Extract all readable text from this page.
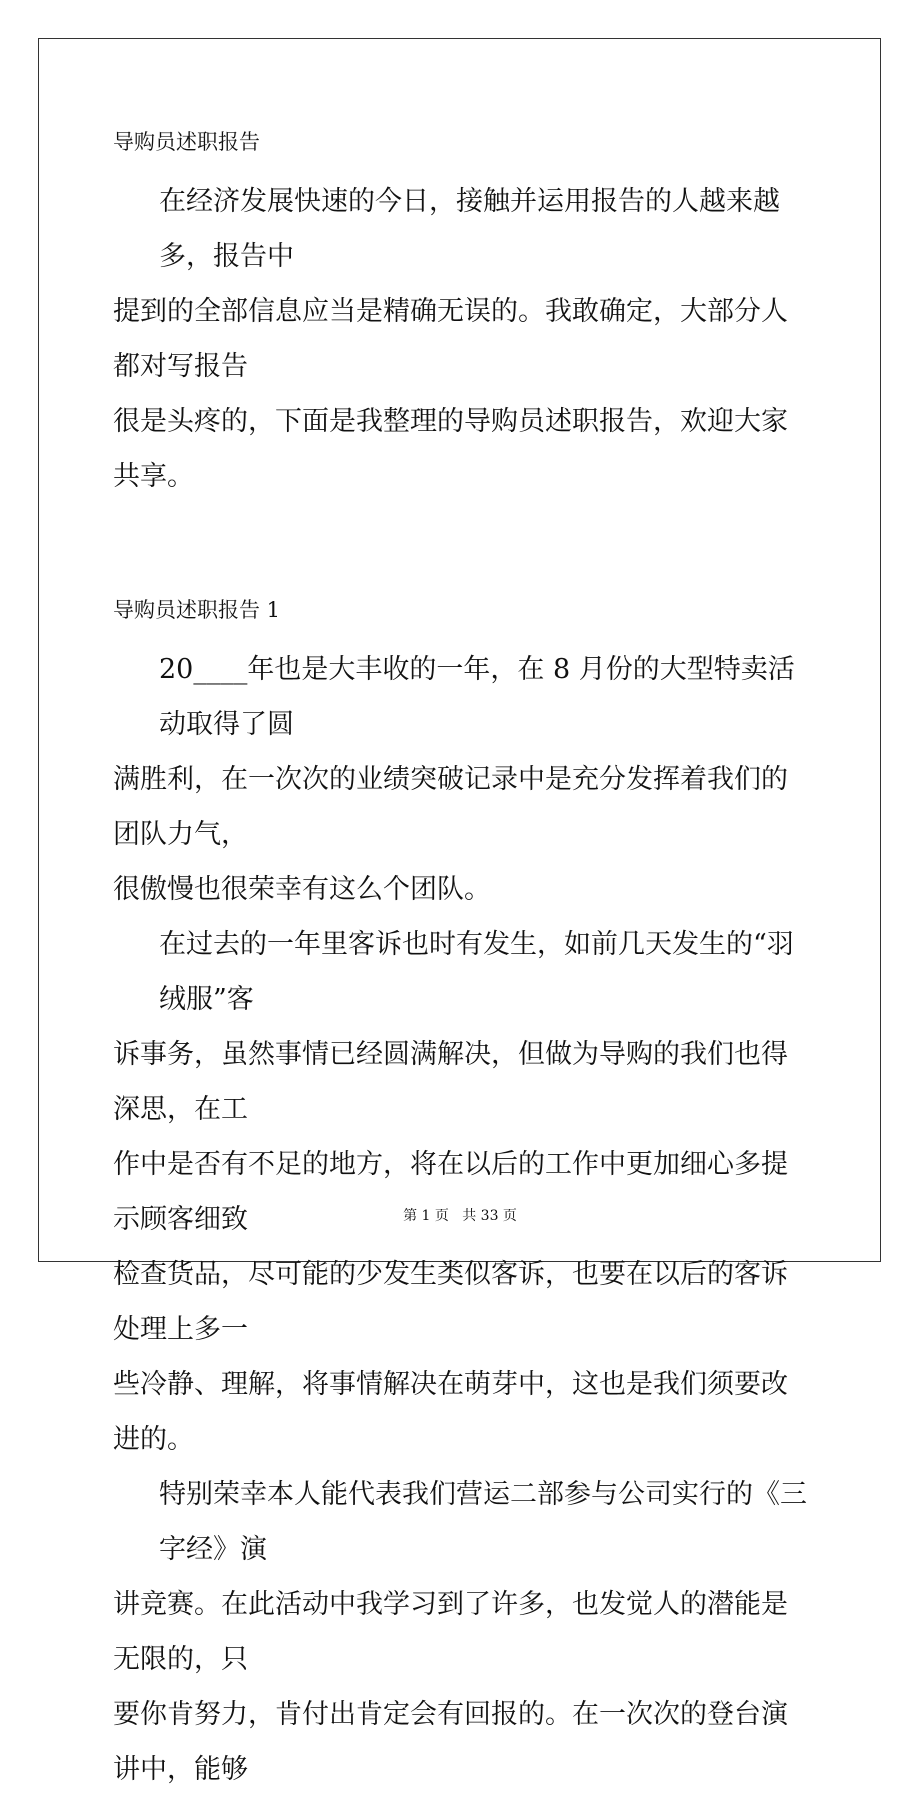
导购员述职报告
在经济发展快速的今日，接触并运用报告的人越来越多，报告中
提到的全部信息应当是精确无误的。我敢确定，大部分人都对写报告
很是头疼的，下面是我整理的导购员述职报告，欢迎大家共享。
导购员述职报告 1
20____年也是大丰收的一年，在 8 月份的大型特卖活动取得了圆
满胜利，在一次次的业绩突破记录中是充分发挥着我们的团队力气，
很傲慢也很荣幸有这么个团队。
在过去的一年里客诉也时有发生，如前几天发生的“羽绒服”客
诉事务，虽然事情已经圆满解决，但做为导购的我们也得深思，在工
作中是否有不足的地方，将在以后的工作中更加细心多提示顾客细致
检查货品，尽可能的少发生类似客诉，也要在以后的客诉处理上多一
些冷静、理解，将事情解决在萌芽中，这也是我们须要改进的。
特别荣幸本人能代表我们营运二部参与公司实行的《三字经》演
讲竞赛。在此活动中我学习到了许多，也发觉人的潜能是无限的，只
要你肯努力，肯付出肯定会有回报的。在一次次的登台演讲中，能够
第 1 页   共 33 页
